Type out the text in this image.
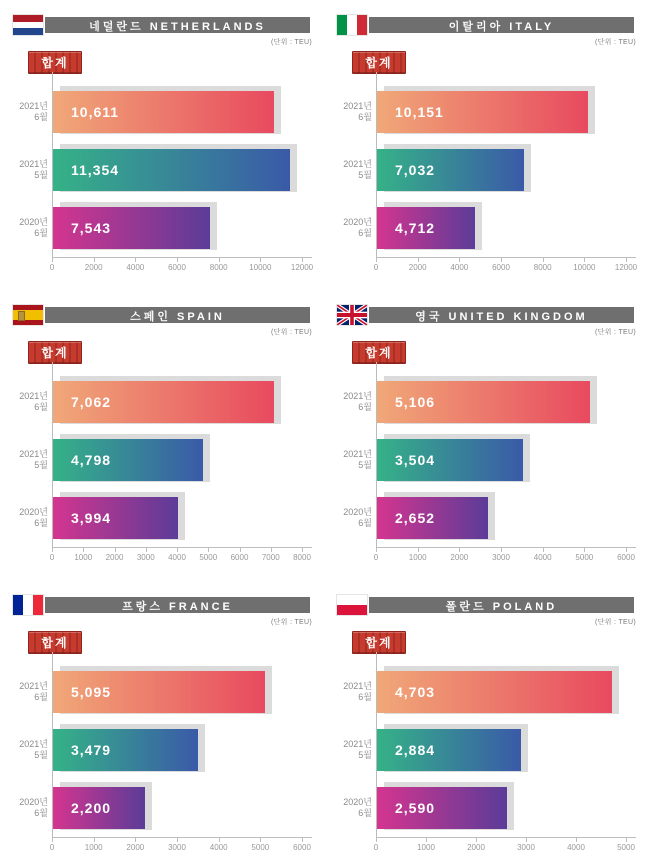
네덜란드 NETHERLANDS
(단위 : TEU)
합계
10,611
2021년
6월
11,354
2021년
5월
7,543
2020년
6월
0	2000	4000	6000	8000	10000 12000
이탈리아 ITALY
(단위 : TEU)
합계
10,151
2021년
6월
7,032
2021년
5월
4,712
2020년
6월
0	2000	4000	6000	8000	10000 12000
스페인 SPAIN
(단위 : TEU)
합계
7,062
2021년
6월
4,798
2021년
5월
3,994
2020년
6월
0	1000 2000 3000 4000 5000 6000 7000 8000
영국 UNITED KINGDOM
(단위 : TEU)
합계
5,106
2021년
6월
3,504
2021년
5월
2,652
2020년
6월
0	1000	2000	3000	4000	5000	6000
프랑스 FRANCE
(단위 : TEU)
합계
5,095
2021년
6월
3,479
2021년
5월
2,200
2020년
6월
0	1000	2000	3000	4000	5000	6000
폴란드 POLAND
(단위 : TEU)
합계
4,703
2021년
6월
2,884
2021년
5월
2,590
2020년
6월
0	1000	2000	3000	4000	5000
